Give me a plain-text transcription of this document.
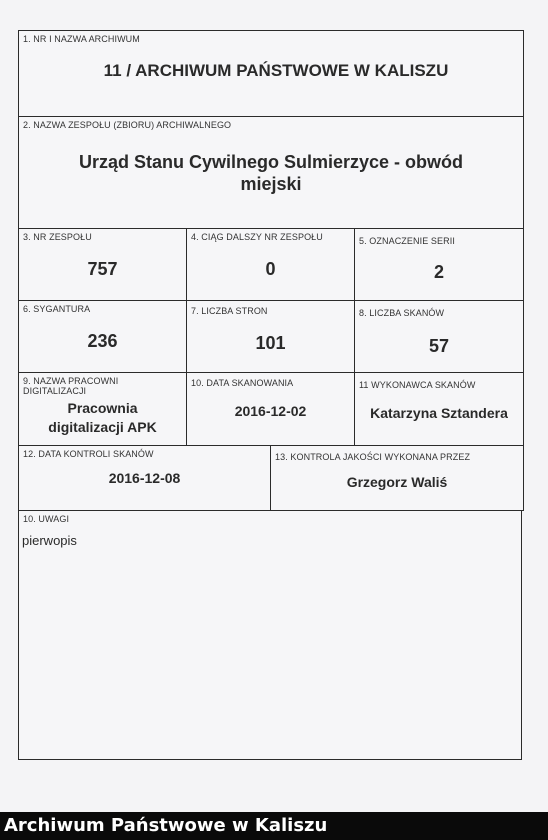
1. NR I NAZWA ARCHIWUM
11 / ARCHIWUM PAŃSTWOWE W KALISZU
2. NAZWA ZESPOŁU (ZBIORU) ARCHIWALNEGO
Urząd Stanu Cywilnego Sulmierzyce - obwód miejski
3. NR ZESPOŁU
757
4. CIĄG DALSZY NR ZESPOŁU
0
5. OZNACZENIE SERII
2
6. SYGANTURA
236
7. LICZBA STRON
101
8. LICZBA SKANÓW
57
9. NAZWA PRACOWNI DIGITALIZACJI
Pracownia digitalizacji APK
10. DATA SKANOWANIA
2016-12-02
11 WYKONAWCA SKANÓW
Katarzyna Sztandera
12. DATA KONTROLI SKANÓW
2016-12-08
13. KONTROLA JAKOŚCI WYKONANA PRZEZ
Grzegorz Waliś
10. UWAGI
pierwopis
Archiwum Państwowe w Kaliszu
